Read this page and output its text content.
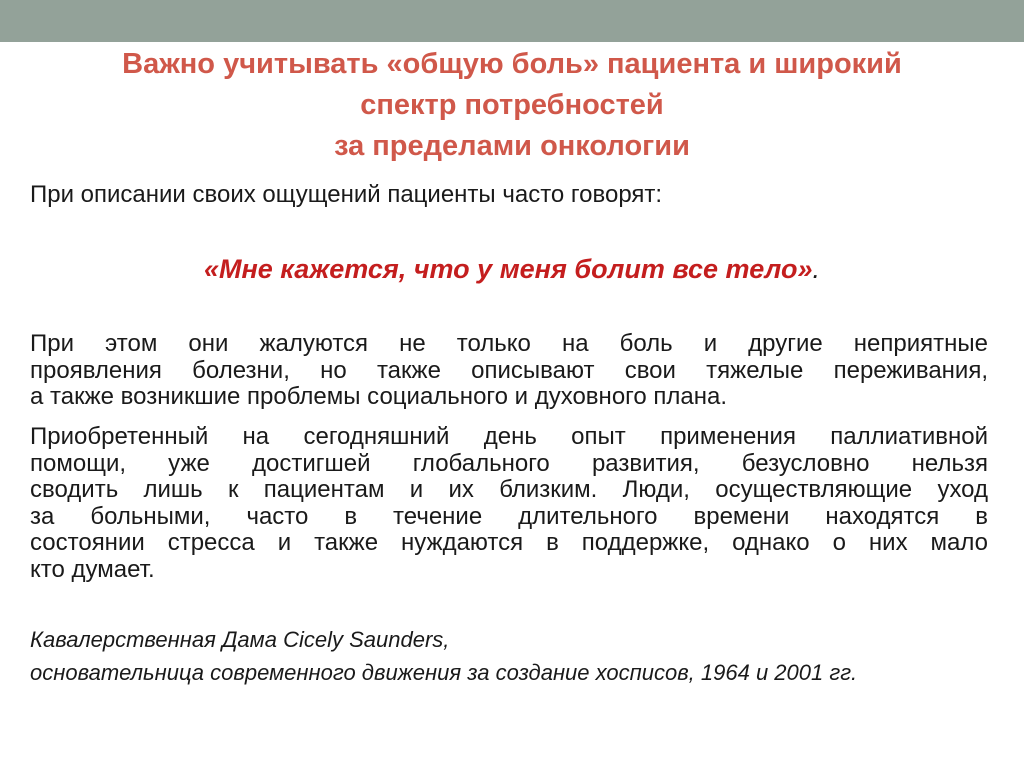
Важно учитывать «общую боль» пациента и широкий
спектр потребностей
за пределами онкологии
При описании своих ощущений пациенты часто говорят:
«Мне кажется, что у меня болит все тело».
При этом они жалуются не только на боль и другие неприятные
проявления болезни, но также описывают свои тяжелые переживания,
а также возникшие проблемы социального и духовного плана.
Приобретенный на сегодняшний день опыт применения паллиативной
помощи, уже достигшей глобального развития, безусловно нельзя
сводить лишь к пациентам и их близким. Люди, осуществляющие уход
за больными, часто в течение длительного времени находятся в
состоянии стресса и также нуждаются в поддержке, однако о них мало
кто думает.
Кавалерственная Дама Cicely Saunders,
основательница современного движения за создание хосписов, 1964 и 2001 гг.
